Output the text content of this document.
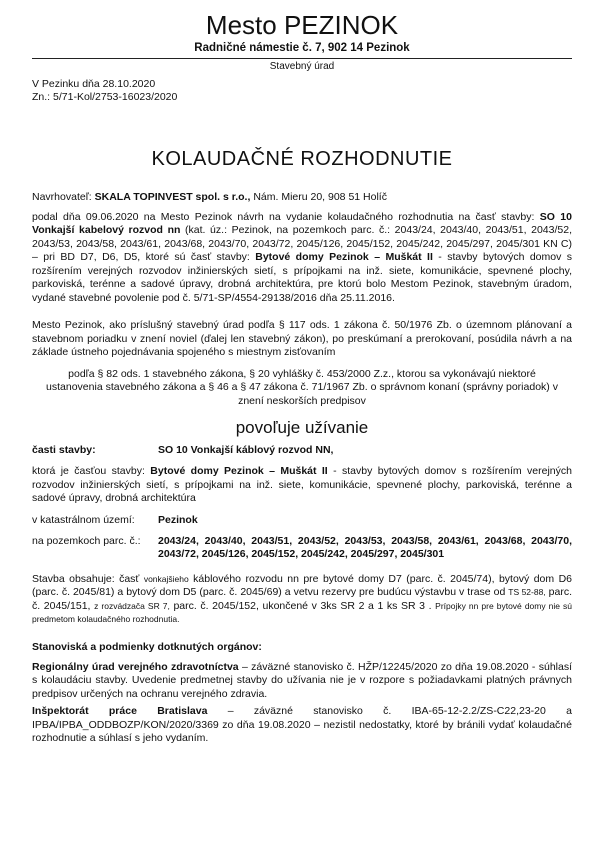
Mesto PEZINOK
Radničné námestie č. 7, 902 14 Pezinok
Stavebný úrad
V Pezinku dňa 28.10.2020
Zn.: 5/71-Kol/2753-16023/2020
KOLAUDAČNÉ ROZHODNUTIE
Navrhovateľ: SKALA TOPINVEST spol. s r.o., Nám. Mieru 20, 908 51 Holíč
podal dňa 09.06.2020 na Mesto Pezinok návrh na vydanie kolaudačného rozhodnutia na časť stavby: SO 10 Vonkajší kabelový rozvod nn (kat. úz.: Pezinok, na pozemkoch parc. č.: 2043/24, 2043/40, 2043/51, 2043/52, 2043/53, 2043/58, 2043/61, 2043/68, 2043/70, 2043/72, 2045/126, 2045/152, 2045/242, 2045/297, 2045/301 KN C) – pri BD D7, D6, D5, ktoré sú časť stavby: Bytové domy Pezinok – Muškát II - stavby bytových domov s rozšírením verejných rozvodov inžinierských sietí, s prípojkami na inž. siete, komunikácie, spevnené plochy, parkoviská, terénne a sadové úpravy, drobná architektúra, pre ktorú bolo Mestom Pezinok, stavebným úradom, vydané stavebné povolenie pod č. 5/71-SP/4554-29138/2016 dňa 25.11.2016.
Mesto Pezinok, ako príslušný stavebný úrad podľa § 117 ods. 1 zákona č. 50/1976 Zb. o územnom plánovaní a stavebnom poriadku v znení noviel (ďalej len stavebný zákon), po preskúmaní a prerokovaní, posúdila návrh a na základe ústneho pojednávania spojeného s miestnym zisťovaním
podľa § 82 ods. 1 stavebného zákona, § 20 vyhlášky č. 453/2000 Z.z., ktorou sa vykonávajú niektoré ustanovenia stavebného zákona a § 46 a § 47 zákona č. 71/1967 Zb. o správnom konaní (správny poriadok) v znení neskorších predpisov
povoľuje užívanie
časti stavby:	SO 10 Vonkajší káblový rozvod NN,
ktorá je časťou stavby: Bytové domy Pezinok – Muškát II - stavby bytových domov s rozšírením verejných rozvodov inžinierských sietí, s prípojkami na inž. siete, komunikácie, spevnené plochy, parkoviská, terénne a sadové úpravy, drobná architektúra
v katastrálnom území:	Pezinok
na pozemkoch parc. č.:	2043/24, 2043/40, 2043/51, 2043/52, 2043/53, 2043/58, 2043/61, 2043/68, 2043/70, 2043/72, 2045/126, 2045/152, 2045/242, 2045/297, 2045/301
Stavba obsahuje: časť vonkajšieho káblového rozvodu nn pre bytové domy D7 (parc. č. 2045/74), bytový dom D6 (parc. č. 2045/81) a bytový dom D5 (parc. č. 2045/69) a vetvu rezervy pre budúcu výstavbu v trase od TS 52-88, parc. č. 2045/151, z rozvádzača SR 7, parc. č. 2045/152, ukončené v 3ks SR 2 a 1 ks SR 3 . Prípojky nn pre bytové domy nie sú predmetom kolaudačného rozhodnutia.
Stanoviská a podmienky dotknutých orgánov:
Regionálny úrad verejného zdravotníctva – záväzné stanovisko č. HŽP/12245/2020 zo dňa 19.08.2020 - súhlasí s kolaudáciu stavby. Uvedenie predmetnej stavby do užívania nie je v rozpore s požiadavkami platných právnych predpisov určených na ochranu verejného zdravia.
Inšpektorát práce Bratislava – záväzné stanovisko č. IBA-65-12-2.2/ZS-C22,23-20 a IPBA/IPBA_ODDBOZP/KON/2020/3369 zo dňa 19.08.2020 – nezistil nedostatky, ktoré by bránili vydať kolaudačné rozhodnutie a súhlasí s jeho vydaním.
